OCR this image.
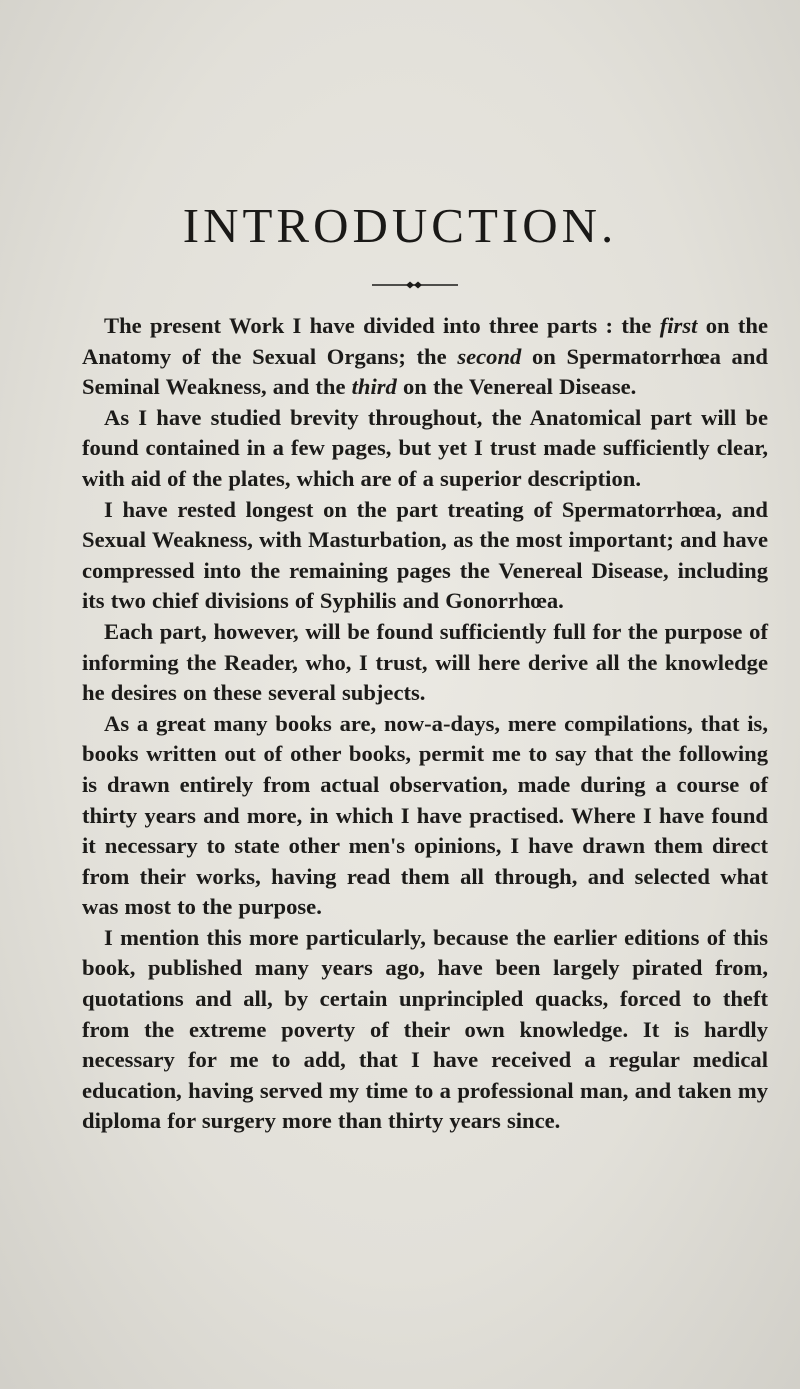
INTRODUCTION.

The present Work I have divided into three parts : the first on the Anatomy of the Sexual Organs; the second on Spermatorrhœa and Seminal Weakness, and the third on the Venereal Disease.

As I have studied brevity throughout, the Anatomical part will be found contained in a few pages, but yet I trust made sufficiently clear, with aid of the plates, which are of a superior description.

I have rested longest on the part treating of Spermatorrhœa, and Sexual Weakness, with Masturbation, as the most important; and have compressed into the remaining pages the Venereal Disease, including its two chief divisions of Syphilis and Gonorrhœa.

Each part, however, will be found sufficiently full for the purpose of informing the Reader, who, I trust, will here derive all the knowledge he desires on these several subjects.

As a great many books are, now-a-days, mere compilations, that is, books written out of other books, permit me to say that the following is drawn entirely from actual observation, made during a course of thirty years and more, in which I have practised. Where I have found it necessary to state other men's opinions, I have drawn them direct from their works, having read them all through, and selected what was most to the purpose.

I mention this more particularly, because the earlier editions of this book, published many years ago, have been largely pirated from, quotations and all, by certain unprincipled quacks, forced to theft from the extreme poverty of their own knowledge. It is hardly necessary for me to add, that I have received a regular medical education, having served my time to a professional man, and taken my diploma for surgery more than thirty years since.
